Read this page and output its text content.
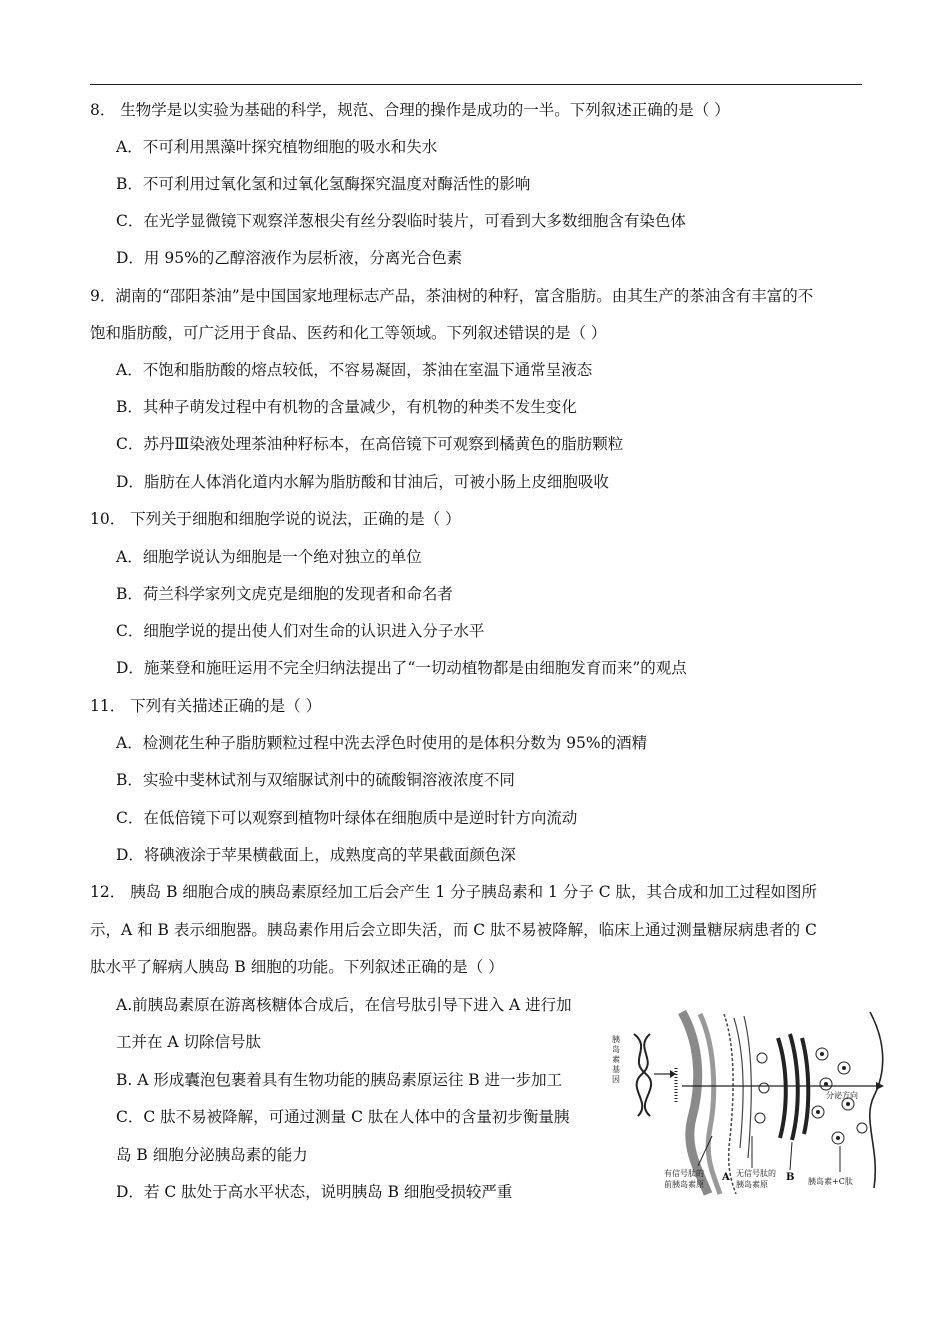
8． 生物学是以实验为基础的科学，规范、合理的操作是成功的一半。下列叙述正确的是（ ）
A．不可利用黑藻叶探究植物细胞的吸水和失水
B．不可利用过氧化氢和过氧化氢酶探究温度对酶活性的影响
C．在光学显微镜下观察洋葱根尖有丝分裂临时装片，可看到大多数细胞含有染色体
D．用 95%的乙醇溶液作为层析液，分离光合色素
9．湖南的“邵阳茶油”是中国国家地理标志产品，茶油树的种籽，富含脂肪。由其生产的茶油含有丰富的不
饱和脂肪酸，可广泛用于食品、医药和化工等领域。下列叙述错误的是（ ）
A．不饱和脂肪酸的熔点较低，不容易凝固，茶油在室温下通常呈液态
B．其种子萌发过程中有机物的含量减少，有机物的种类不发生变化
C．苏丹Ⅲ染液处理茶油种籽标本，在高倍镜下可观察到橘黄色的脂肪颗粒
D．脂肪在人体消化道内水解为脂肪酸和甘油后，可被小肠上皮细胞吸收
10． 下列关于细胞和细胞学说的说法，正确的是（ ）
A．细胞学说认为细胞是一个绝对独立的单位
B．荷兰科学家列文虎克是细胞的发现者和命名者
C．细胞学说的提出使人们对生命的认识进入分子水平
D．施莱登和施旺运用不完全归纳法提出了“一切动植物都是由细胞发育而来”的观点
11． 下列有关描述正确的是（ ）
A．检测花生种子脂肪颗粒过程中洗去浮色时使用的是体积分数为 95%的酒精
B．实验中斐林试剂与双缩脲试剂中的硫酸铜溶液浓度不同
C．在低倍镜下可以观察到植物叶绿体在细胞质中是逆时针方向流动
D．将碘液涂于苹果横截面上，成熟度高的苹果截面颜色深
12． 胰岛 B 细胞合成的胰岛素原经加工后会产生 1 分子胰岛素和 1 分子 C 肽，其合成和加工过程如图所
示，A 和 B 表示细胞器。胰岛素作用后会立即失活，而 C 肽不易被降解，临床上通过测量糖尿病患者的 C
肽水平了解病人胰岛 B 细胞的功能。下列叙述正确的是（ ）
A.前胰岛素原在游离核糖体合成后，在信号肽引导下进入 A 进行加
工并在 A 切除信号肽
B. A 形成囊泡包裹着具有生物功能的胰岛素原运往 B 进一步加工
C．C 肽不易被降解，可通过测量 C 肽在人体中的含量初步衡量胰
岛 B 细胞分泌胰岛素的能力
D．若 C 肽处于高水平状态，说明胰岛 B 细胞受损较严重
胰
岛
素
基
因
分泌方向
有信号肽的
前胰岛素原
A 无信号肽的
胰岛素原
B 胰岛素+C肽
